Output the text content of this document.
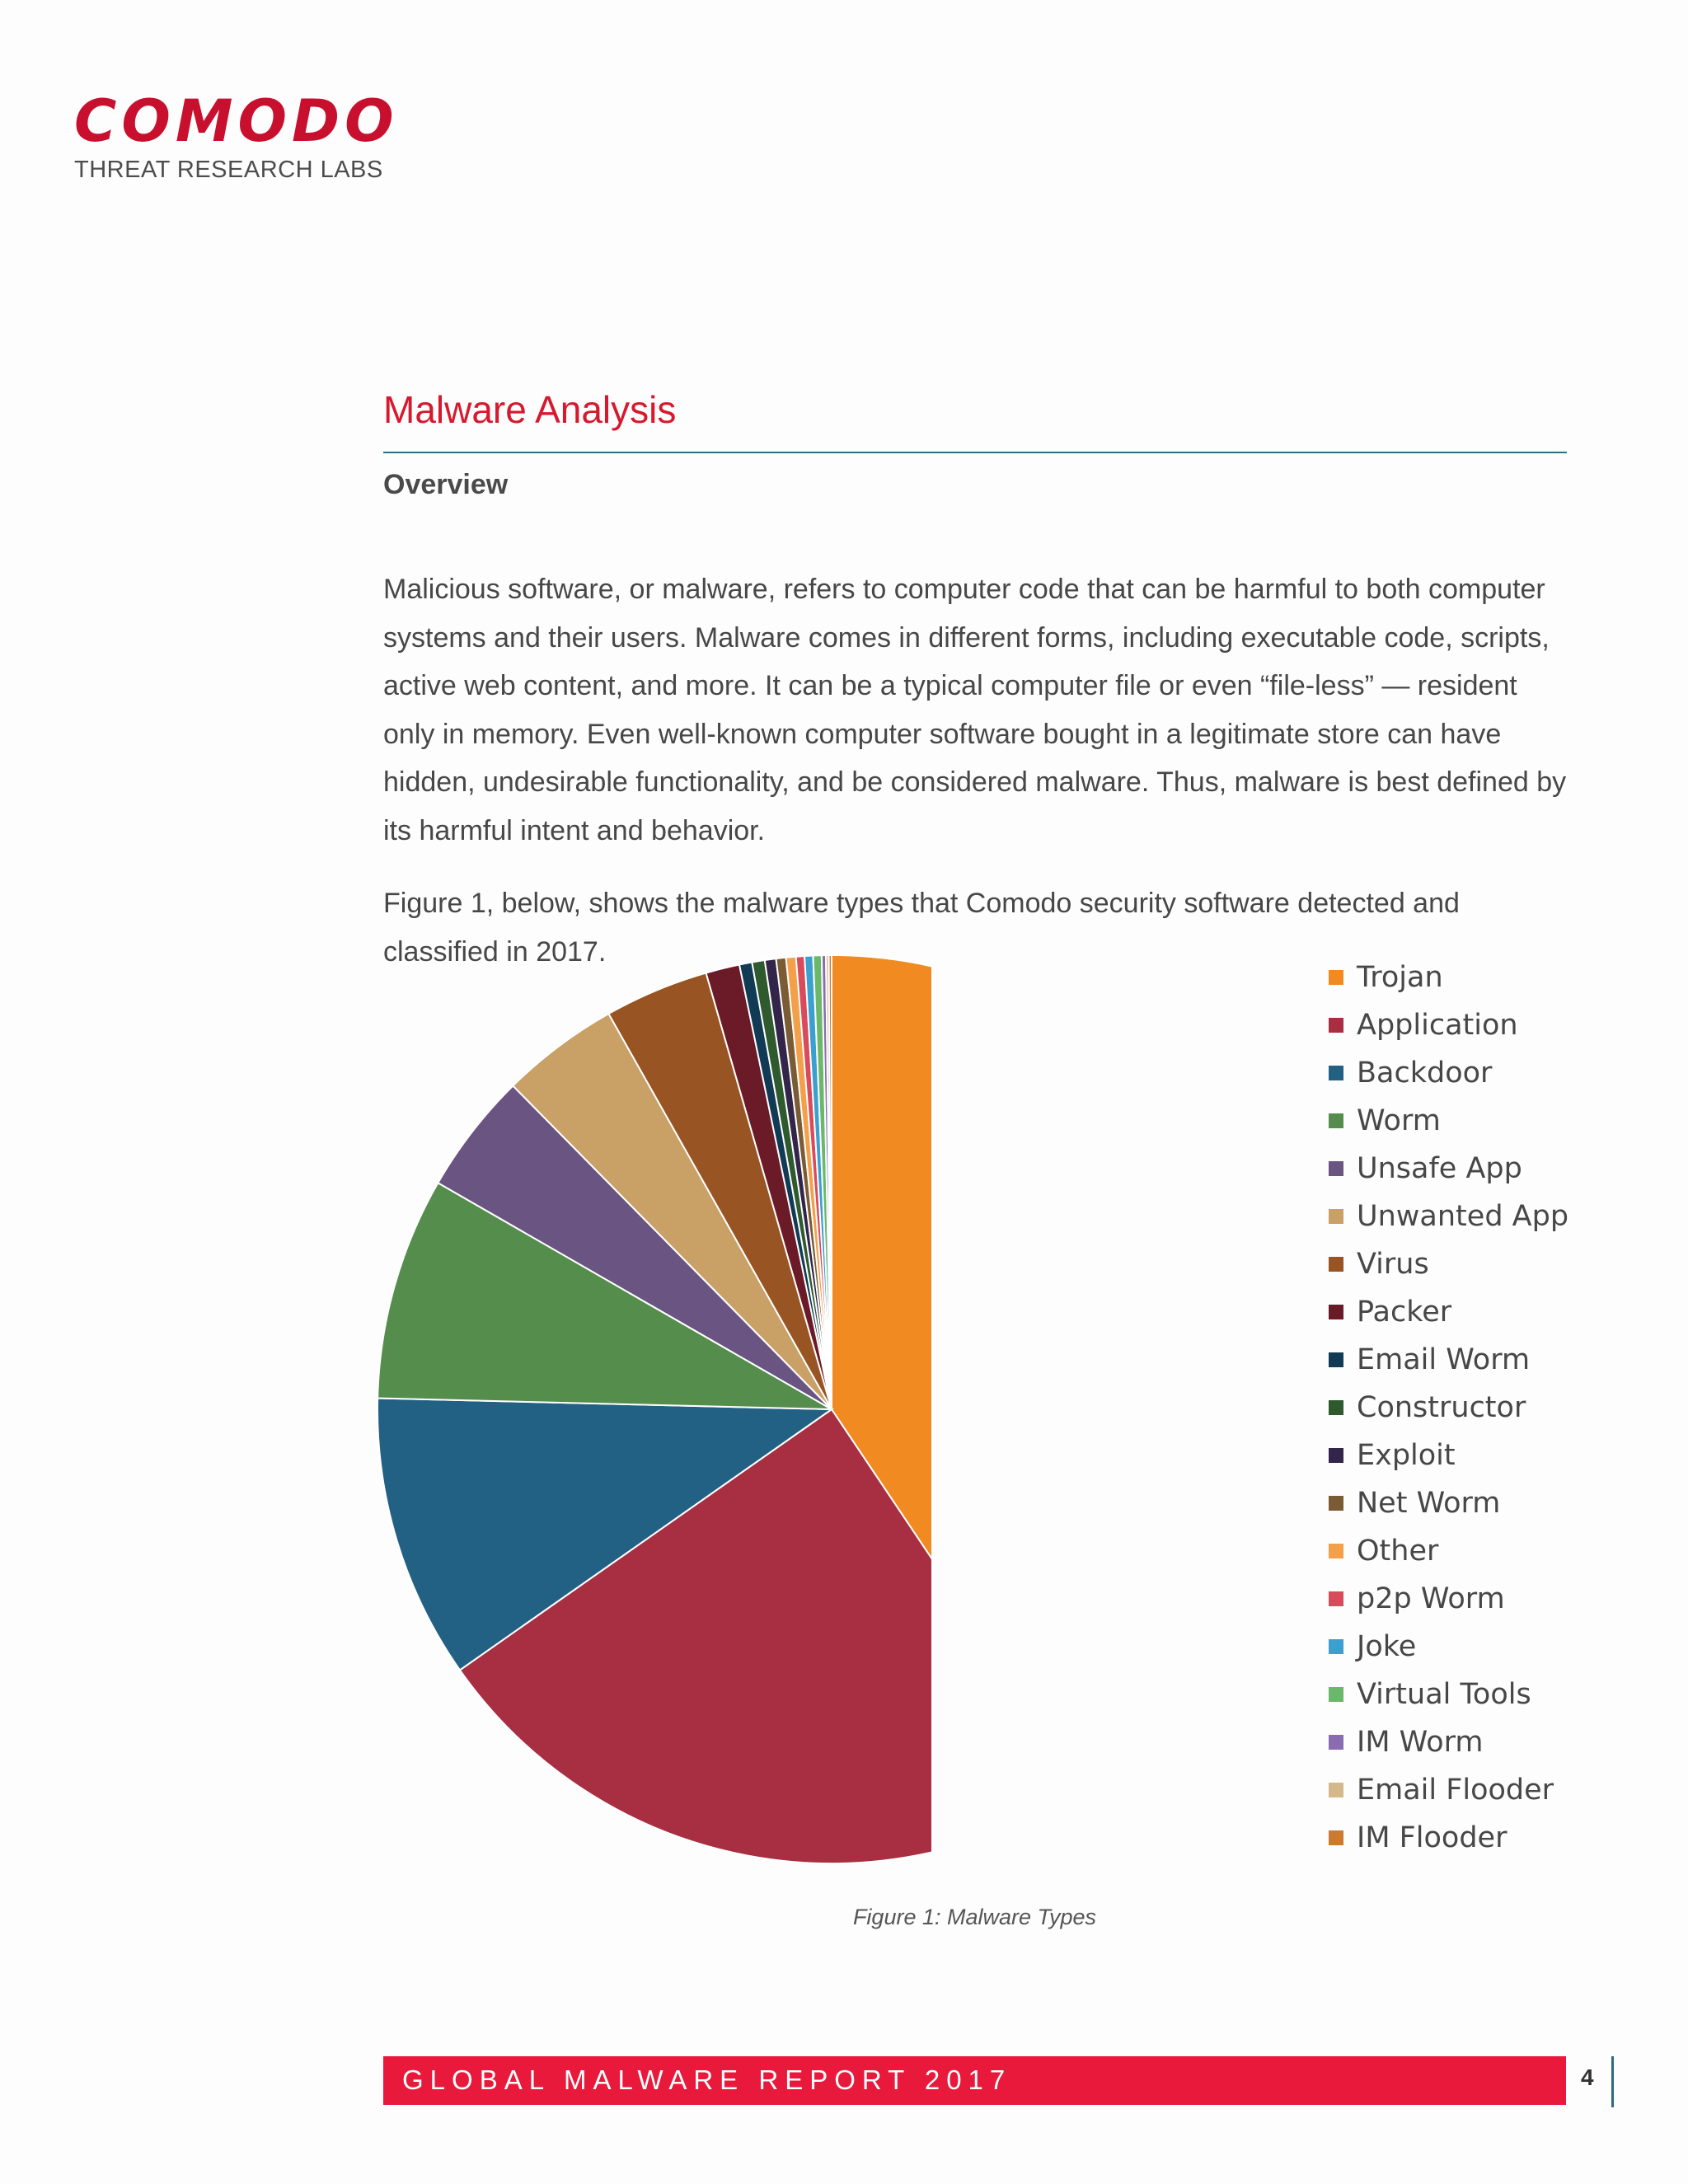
COMODO
THREAT RESEARCH LABS
Malware Analysis
Overview

Malicious software, or malware, refers to computer code that can be harmful to both computer systems and their users. Malware comes in different forms, including executable code, scripts, active web content, and more. It can be a typical computer file or even “file-less” — resident only in memory. Even well-known computer software bought in a legitimate store can have hidden, undesirable functionality, and be considered malware. Thus, malware is best defined by its harmful intent and behavior.

Figure 1, below, shows the malware types that Comodo security software detected and classified in 2017.

Trojan
Application
Backdoor
Worm
Unsafe App
Unwanted App
Virus
Packer
Email Worm
Constructor
Exploit
Net Worm
Other
p2p Worm
Joke
Virtual Tools
IM Worm
Email Flooder
IM Flooder
Figure 1: Malware Types
GLOBAL MALWARE REPORT 2017	4
